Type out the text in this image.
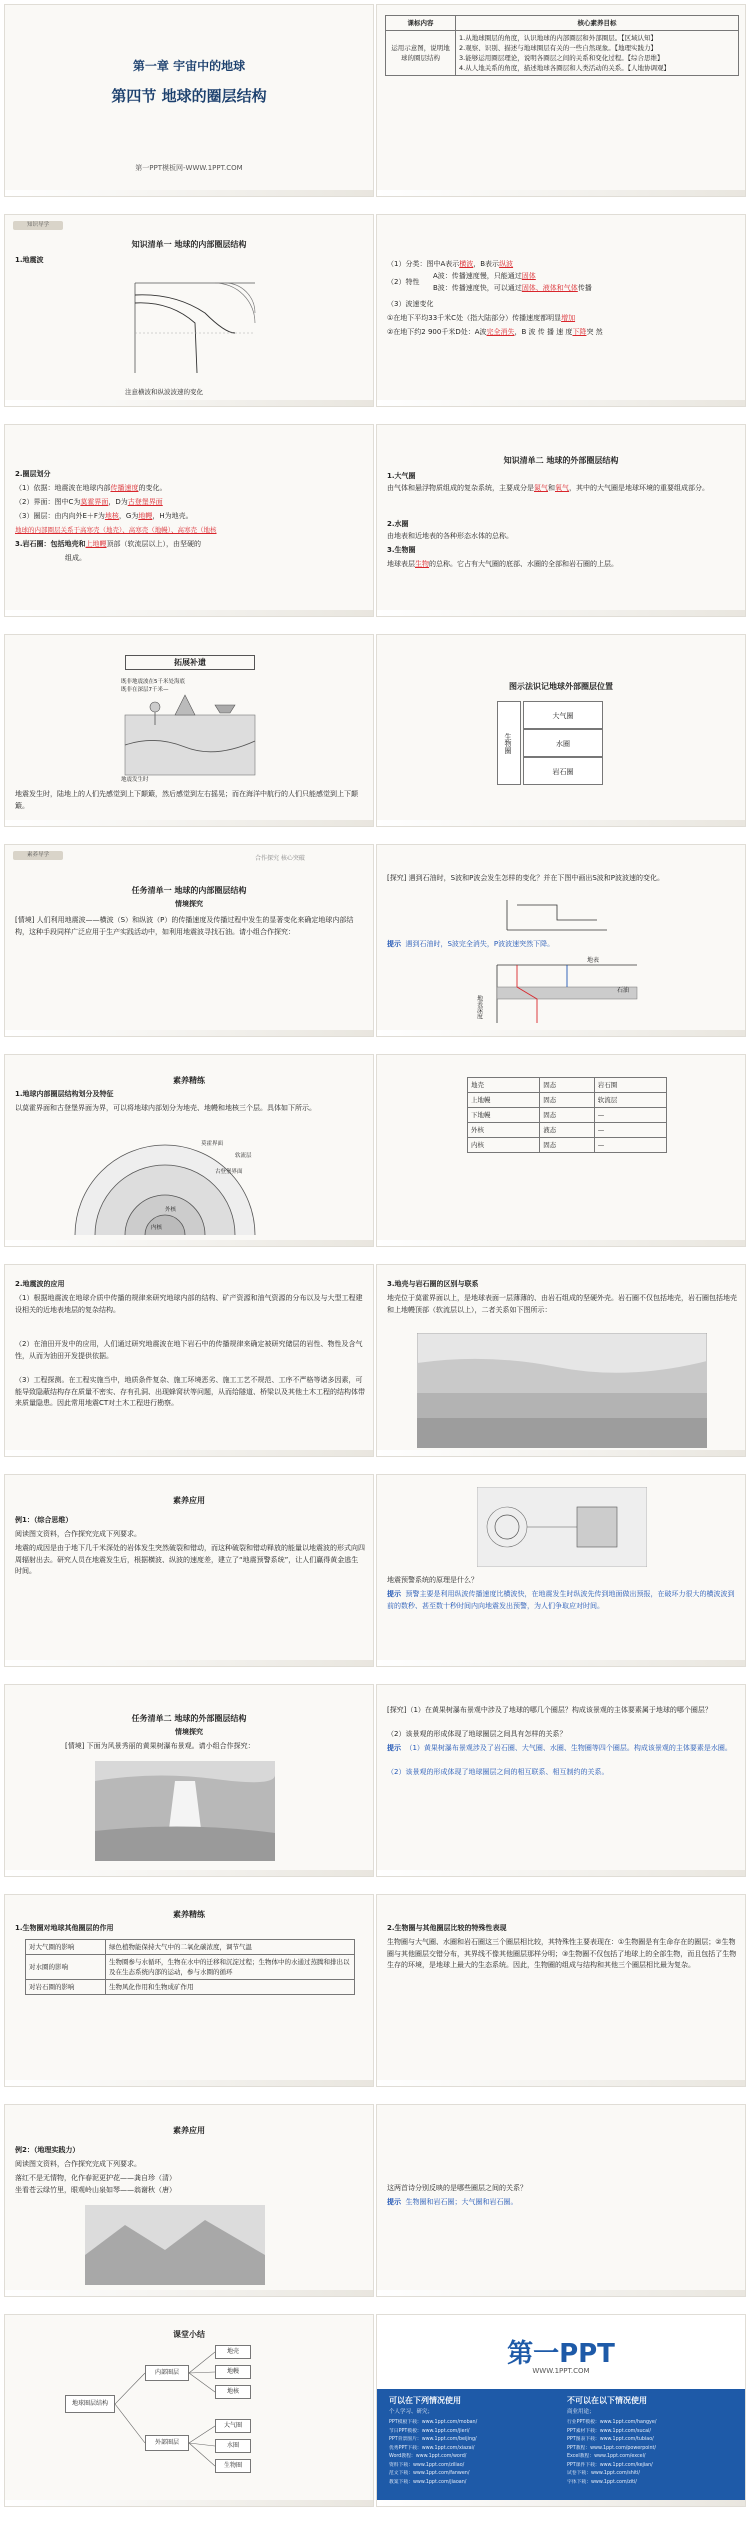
第一章 宇宙中的地球
第四节 地球的圈层结构
第一PPT模板网-WWW.1PPT.COM
课标内容	核心素养目标
运用示意图，说明地球的圈层结构	1.从地球圈层的角度，认识地球的内部圈层和外部圈层。【区域认知】
2.观察、识别、描述与地球圈层有关的一些自然现象。【地理实践力】
3.能够运用圈层理论，说明各圈层之间的关系和变化过程。【综合思维】
4.从人地关系的角度，描述地球各圈层和人类活动的关系。【人地协调观】
知识导学
知识清单一 地球的内部圈层结构
1.地震波
注意横波和纵波波速的变化
（1）分类：图中A表示横波，B表示纵波
（2）特性
A波：传播速度慢，只能通过固体
B波：传播速度快，可以通过固体、液体和气体传播
（3）波速变化
①在地下平均33千米C处（指大陆部分）传播速度都明显增加
②在地下约2 900千米D处：A波完全消失，B 波 传 播 速 度下降突 然
2.圈层划分
（1）依据：地震波在地球内部传播速度的变化。
（2）界面：图中C为莫霍界面，D为古登堡界面
（3）圈层：由内向外E＋F为地核，G为地幔，H为地壳。
地球的内部圈层关系于高寒壳（地壳）、高寒壳（地幔）、高寒壳（地核
3.岩石圈：包括地壳和上地幔顶部（软流层以上），由坚硬的
组成。
知识清单二 地球的外部圈层结构
1.大气圈
由气体和悬浮物质组成的复杂系统，主要成分是氮气和氧气，其中的大气圈是地球环境的重要组成部分。
2.水圈
由地表和近地表的各种形态水体的总称。
3.生物圈
地球表层生物的总称。它占有大气圈的底部、水圈的全部和岩石圈的上层。
拓展补遗
既非地震波在5千米处海底
既非在深层7千米—
地震发生时
地震发生时，陆地上的人们先感觉到上下颠簸，然后感觉到左右摇晃；而在海洋中航行的人们只能感觉到上下颠簸。
图示法识记地球外部圈层位置
生物圈
大气圈
水圈
岩石圈
素养导学	合作探究 核心突破
任务清单一 地球的内部圈层结构
情境探究
[情境] 人们利用地震波——横波（S）和纵波（P）的传播速度及传播过程中发生的显著变化来确定地球内部结构，这种手段同样广泛应用于生产实践活动中，如利用地震波寻找石油。请小组合作探究：
[探究] 遇到石油时，S波和P波会发生怎样的变化？并在下图中画出S波和P波波速的变化。
提示 遇到石油时，S波完全消失，P波波速突然下降。
地表
石油
地表深度
素养精练
1.地球内部圈层结构划分及特征
以莫霍界面和古登堡界面为界，可以将地球内部划分为地壳、地幔和地核三个层。具体如下所示。
莫霍界面
古登堡界面
外核
内核
软流层
地壳	固态	岩石圈
上地幔	固态	软流层
下地幔	固态	—
外核	液态	—
内核	固态	—
2.地震波的应用
（1）根据地震波在地球介质中传播的规律来研究地球内部的结构、矿产资源和油气资源的分布以及与大型工程建设相关的近地表地层的复杂结构。
（2）在油田开发中的应用，人们通过研究地震波在地下岩石中的传播规律来确定被研究储层的岩性、物性及含气性，从而为油田开发提供依据。
（3）工程探测。在工程实施当中，地质条件复杂、施工环境恶劣、施工工艺不规范、工序不严格等诸多因素，可能导致隐蔽结构存在质量不密实、存有孔洞、出现蜂窝状等问题，从而给隧道、桥梁以及其他土木工程的结构体带来质量隐患。因此常用地震CT对土木工程进行勘察。
3.地壳与岩石圈的区别与联系
地壳位于莫霍界面以上，是地球表面一层薄薄的、由岩石组成的坚硬外壳。岩石圈不仅包括地壳，岩石圈包括地壳和上地幔顶部（软流层以上），二者关系如下图所示：
素养应用
例1：（综合思维）
阅读图文资料，合作探究完成下列要求。
地震的成因是由于地下几千米深处的岩体发生突然破裂和错动，而这种破裂和错动释放的能量以地震波的形式向四周辐射出去。研究人员在地震发生后，根据横波、纵波的速度差，建立了“地震预警系统”，让人们赢得黄金逃生时间。
地震预警系统的原理是什么？
提示 预警主要是利用纵波传播速度比横波快，在地震发生时纵波先传到地面做出预报，在破坏力很大的横波波到前的数秒、甚至数十秒时间内向地震发出预警，为人们争取应对时间。
任务清单二 地球的外部圈层结构
情境探究
[情境] 下面为风景秀丽的黄果树瀑布景观。请小组合作探究：
[探究]（1）在黄果树瀑布景观中涉及了地球的哪几个圈层？构成该景观的主体要素属于地球的哪个圈层？
（2）该景观的形成体现了地球圈层之间具有怎样的关系？
提示 （1）黄果树瀑布景观涉及了岩石圈、大气圈、水圈、生物圈等四个圈层。构成该景观的主体要素是水圈。
（2）该景观的形成体现了地球圈层之间的相互联系、相互制约的关系。
素养精练
1.生物圈对地球其他圈层的作用
对大气圈的影响	绿色植物能保持大气中的二氧化碳浓度，调节气温
对水圈的影响	生物圈参与水循环，生物在水中的迁移和沉淀过程；生物体中的水通过蒸腾和排出以及在生态系统内部的运动，参与水圈的循环
对岩石圈的影响	生物风化作用和生物成矿作用
2.生物圈与其他圈层比较的特殊性表现
生物圈与大气圈、水圈和岩石圈这三个圈层相比较，其特殊性主要表现在：①生物圈是有生命存在的圈层；②生物圈与其他圈层交错分布，其界线不像其他圈层那样分明；③生物圈不仅包括了地球上的全部生物，而且包括了生物生存的环境，是地球上最大的生态系统。因此，生物圈的组成与结构和其他三个圈层相比最为复杂。
素养应用
例2：（地理实践力）
阅读图文资料，合作探究完成下列要求。
落红不是无情物，化作春泥更护花——龚自珍（清）
坐看苍云绿竹里，眼观岭山泉如琴——翁谢秋（唐）	这两首诗分别反映的是哪些圈层之间的关系？
提示 生物圈和岩石圈；大气圈和岩石圈。
课堂小结
地球圈层结构
内部圈层
外部圈层
地壳
地幔
地核
大气圈
水圈
生物圈
第一PPT
WWW.1PPT.COM
可以在下列情况使用
个人学习、研究；
不可以在以下情况使用
商业用途；
PPT模板下载：www.1ppt.com/moban/
节日PPT模板：www.1ppt.com/jieri/
PPT背景图片：www.1ppt.com/beijing/
优秀PPT下载：www.1ppt.com/xiazai/
Word教程：www.1ppt.com/word/
资料下载：www.1ppt.com/ziliao/
范文下载：www.1ppt.com/fanwen/
教案下载：www.1ppt.com/jiaoan/
行业PPT模板：www.1ppt.com/hangye/
PPT素材下载：www.1ppt.com/sucai/
PPT图表下载：www.1ppt.com/tubiao/
PPT教程：www.1ppt.com/powerpoint/
Excel教程：www.1ppt.com/excel/
PPT课件下载：www.1ppt.com/kejian/
试卷下载：www.1ppt.com/shiti/
字体下载：www.1ppt.com/ziti/
